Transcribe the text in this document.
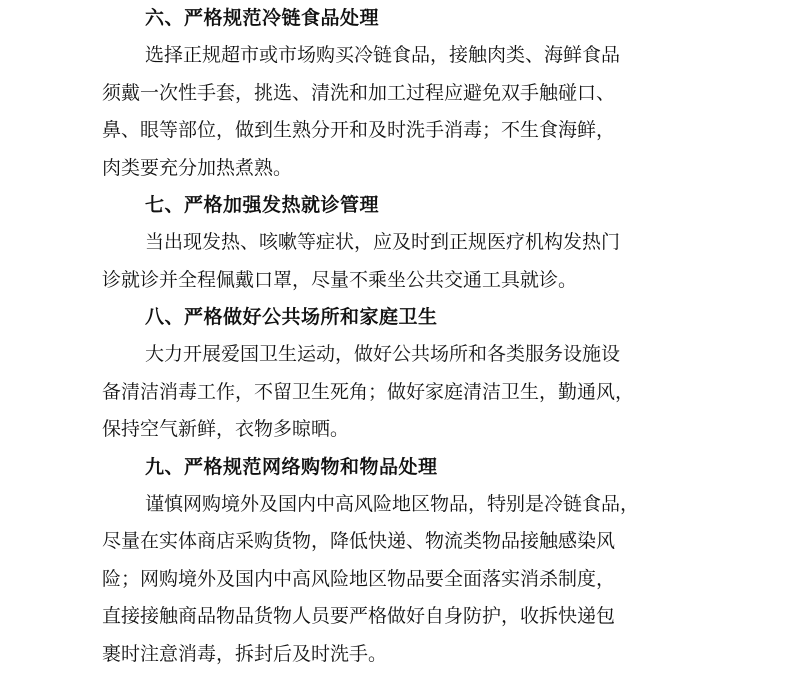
六、严格规范冷链食品处理

选择正规超市或市场购买冷链食品，接触肉类、海鲜食品
须戴一次性手套，挑选、清洗和加工过程应避免双手触碰口、
鼻、眼等部位，做到生熟分开和及时洗手消毒；不生食海鲜，
肉类要充分加热煮熟。

七、严格加强发热就诊管理

当出现发热、咳嗽等症状，应及时到正规医疗机构发热门
诊就诊并全程佩戴口罩，尽量不乘坐公共交通工具就诊。

八、严格做好公共场所和家庭卫生

大力开展爱国卫生运动，做好公共场所和各类服务设施设
备清洁消毒工作，不留卫生死角；做好家庭清洁卫生，勤通风，
保持空气新鲜，衣物多晾晒。

九、严格规范网络购物和物品处理

谨慎网购境外及国内中高风险地区物品，特别是冷链食品，
尽量在实体商店采购货物，降低快递、物流类物品接触感染风
险；网购境外及国内中高风险地区物品要全面落实消杀制度，
直接接触商品物品货物人员要严格做好自身防护，收拆快递包
裹时注意消毒，拆封后及时洗手。
